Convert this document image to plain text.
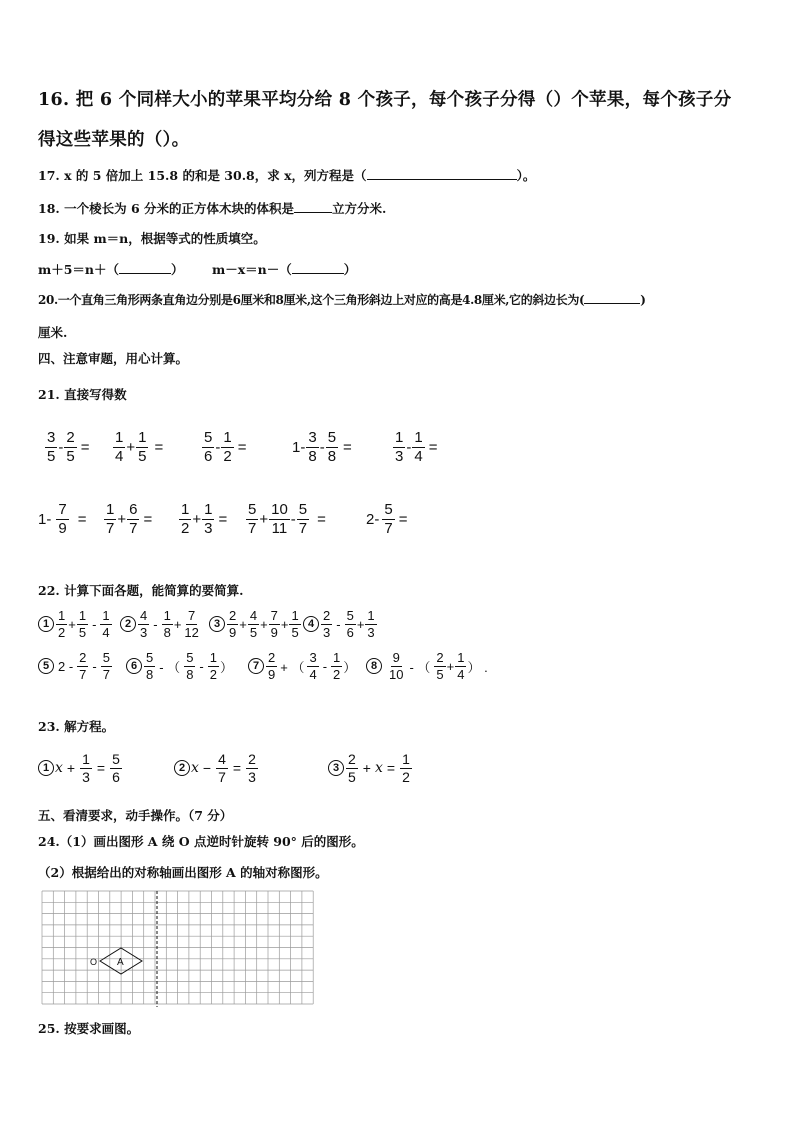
16. 把 6 个同样大小的苹果平均分给 8 个孩子，每个孩子分得（）个苹果，每个孩子分
得这些苹果的（）。
17. x 的 5 倍加上 15.8 的和是 30.8，求 x，列方程是（	）。
18. 一个棱长为 6 分米的正方体木块的体积是	立方分米.
19. 如果 m＝n，根据等式的性质填空。
m＋5＝n＋（	） m－x＝n－（	）
20.一个直角三角形两条直角边分别是6厘米和8厘米,这个三角形斜边上对应的高是4.8厘米,它的斜边长为(	)
厘米.
四、注意审题，用心计算。
21. 直接写得数
$\frac{3}{5} - \frac{2}{5} = \frac{1}{4} + \frac{1}{5}$ =	$\frac{5}{6} - \frac{1}{2}$ =	$1- \frac{3}{8} - \frac{5}{8}$ =	$\frac{1}{3} - \frac{1}{4}$ =
$1- \frac{7}{9} = \frac{1}{7} + \frac{6}{7} = \frac{1}{2} + \frac{1}{3} = \frac{5}{7} + \frac{10}{11} - \frac{5}{7}$ =	$2- \frac{5}{7}$ =
22. 计算下面各题，能简算的要简算.
$1 \frac{1}{2} + \frac{1}{5} - \frac{1}{4}$	$2 \frac{4}{3} - \frac{1}{8} + \frac{7}{12}$	$3 \frac{2}{9} + \frac{4}{5} + \frac{7}{9} + \frac{1}{5} 4 \frac{2}{3} - \frac{5}{6} + \frac{1}{3}$
5 $2 - \frac{2}{7} - \frac{5}{7}$	$6 \frac{5}{8}$ - （ $\frac{5}{8} - \frac{1}{2}$ ）	$7 \frac{2}{9}$ + （ $\frac{3}{4} - \frac{1}{2}$ ）	$8 \frac{9}{10}$ - （ $\frac{2}{5} + \frac{1}{4}$ ） .
23. 解方程。
1 $x + \frac{1}{3} = \frac{5}{6}$	2 $x - \frac{4}{7} = \frac{2}{3}$	$3 \frac{2}{5} + x = \frac{1}{2}$
五、看清要求，动手操作。（7 分）
24.（1）画出图形 A 绕 O 点逆时针旋转 90° 后的图形。
（2）根据给出的对称轴画出图形 A 的轴对称图形。
O A
25. 按要求画图。
